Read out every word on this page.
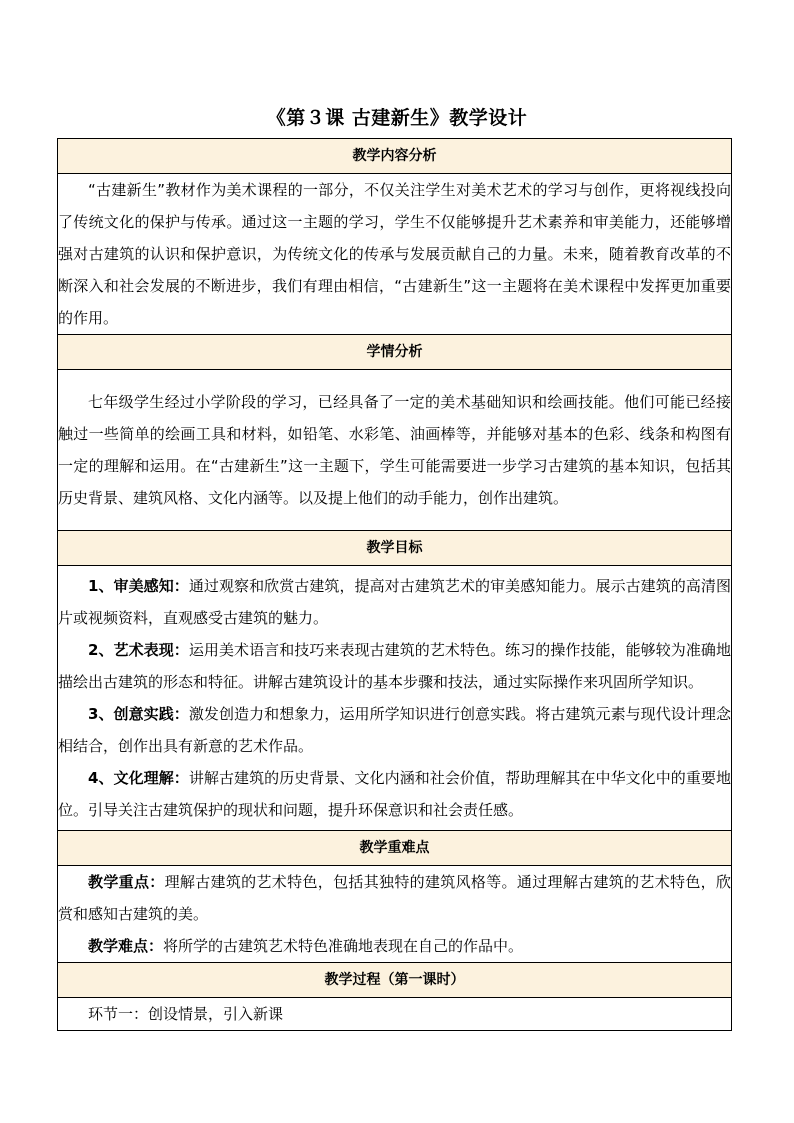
《第３课 古建新生》教学设计
教学内容分析

“古建新生”教材作为美术课程的一部分，不仅关注学生对美术艺术的学习与创作，更将视线投向了传统文化的保护与传承。通过这一主题的学习，学生不仅能够提升艺术素养和审美能力，还能够增强对古建筑的认识和保护意识，为传统文化的传承与发展贡献自己的力量。未来，随着教育改革的不断深入和社会发展的不断进步，我们有理由相信，“古建新生”这一主题将在美术课程中发挥更加重要的作用。

学情分析

七年级学生经过小学阶段的学习，已经具备了一定的美术基础知识和绘画技能。他们可能已经接触过一些简单的绘画工具和材料，如铅笔、水彩笔、油画棒等，并能够对基本的色彩、线条和构图有一定的理解和运用。在“古建新生”这一主题下，学生可能需要进一步学习古建筑的基本知识，包括其历史背景、建筑风格、文化内涵等。以及提上他们的动手能力，创作出建筑。

教学目标

1、审美感知：通过观察和欣赏古建筑，提高对古建筑艺术的审美感知能力。展示古建筑的高清图片或视频资料，直观感受古建筑的魅力。
2、艺术表现：运用美术语言和技巧来表现古建筑的艺术特色。练习的操作技能，能够较为准确地描绘出古建筑的形态和特征。讲解古建筑设计的基本步骤和技法，通过实际操作来巩固所学知识。
3、创意实践：激发创造力和想象力，运用所学知识进行创意实践。将古建筑元素与现代设计理念相结合，创作出具有新意的艺术作品。
4、文化理解：讲解古建筑的历史背景、文化内涵和社会价值，帮助理解其在中华文化中的重要地位。引导关注古建筑保护的现状和问题，提升环保意识和社会责任感。

教学重难点

教学重点：理解古建筑的艺术特色，包括其独特的建筑风格等。通过理解古建筑的艺术特色，欣赏和感知古建筑的美。
教学难点：将所学的古建筑艺术特色准确地表现在自己的作品中。

教学过程（第一课时）

环节一：创设情景，引入新课
